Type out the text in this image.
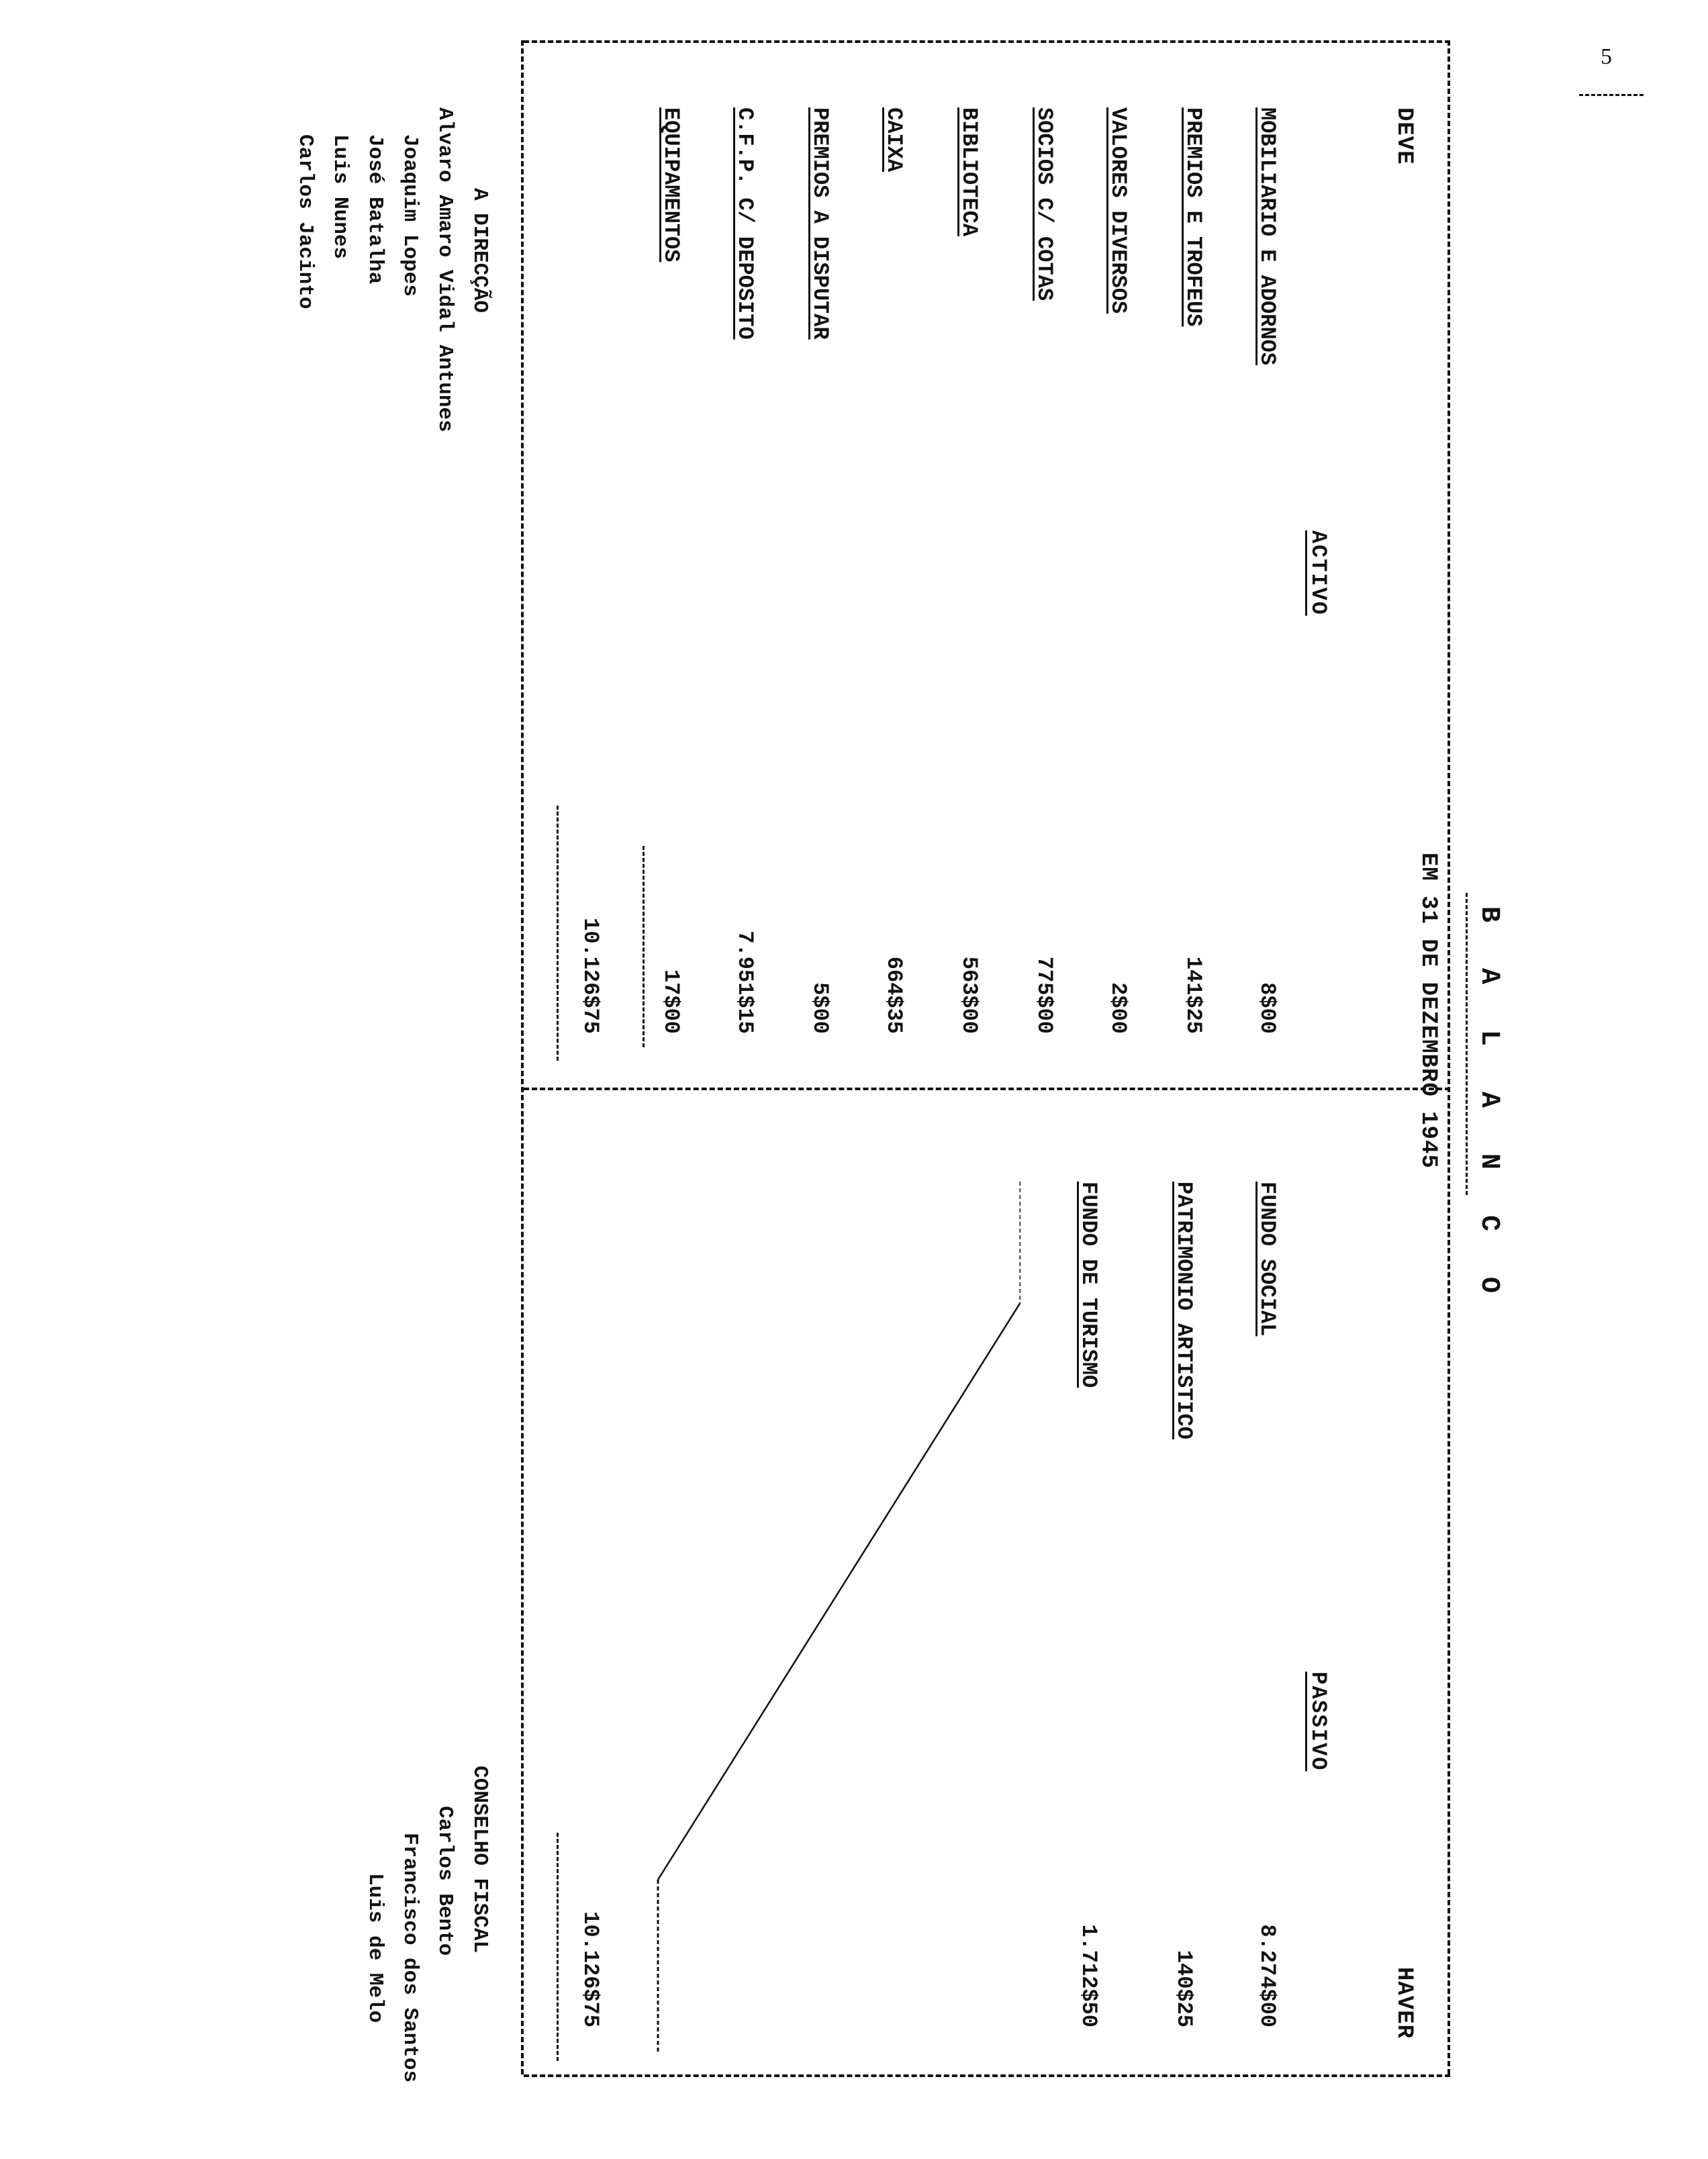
5
B A L A N C O
EM 31 DE DEZEMBRO 1945
DEVE
HAVER
ACTIVO
PASSIVO
MOBILIARIO E ADORNOS
PREMIOS E TROFEUS
VALORES DIVERSOS
SOCIOS C/ COTAS
BIBLIOTECA
CAIXA
PREMIOS A DISPUTAR
C.F.P. C/ DEPOSITO
EQUIPAMENTOS
8$00
141$25
2$00
775$00
563$00
664$35
5$00
7.951$15
17$00
10.126$75
FUNDO SOCIAL
PATRIMONIO ARTISTICO
FUNDO DE TURISMO
8.274$00
140$25
1.712$50
10.126$75
A DIRECÇÃO
Alvaro Amaro Vidal Antunes
Joaquim Lopes
José Batalha
Luis Nunes
Carlos Jacinto
CONSELHO FISCAL
Carlos Bento
Francisco dos Santos
Luis de Melo
